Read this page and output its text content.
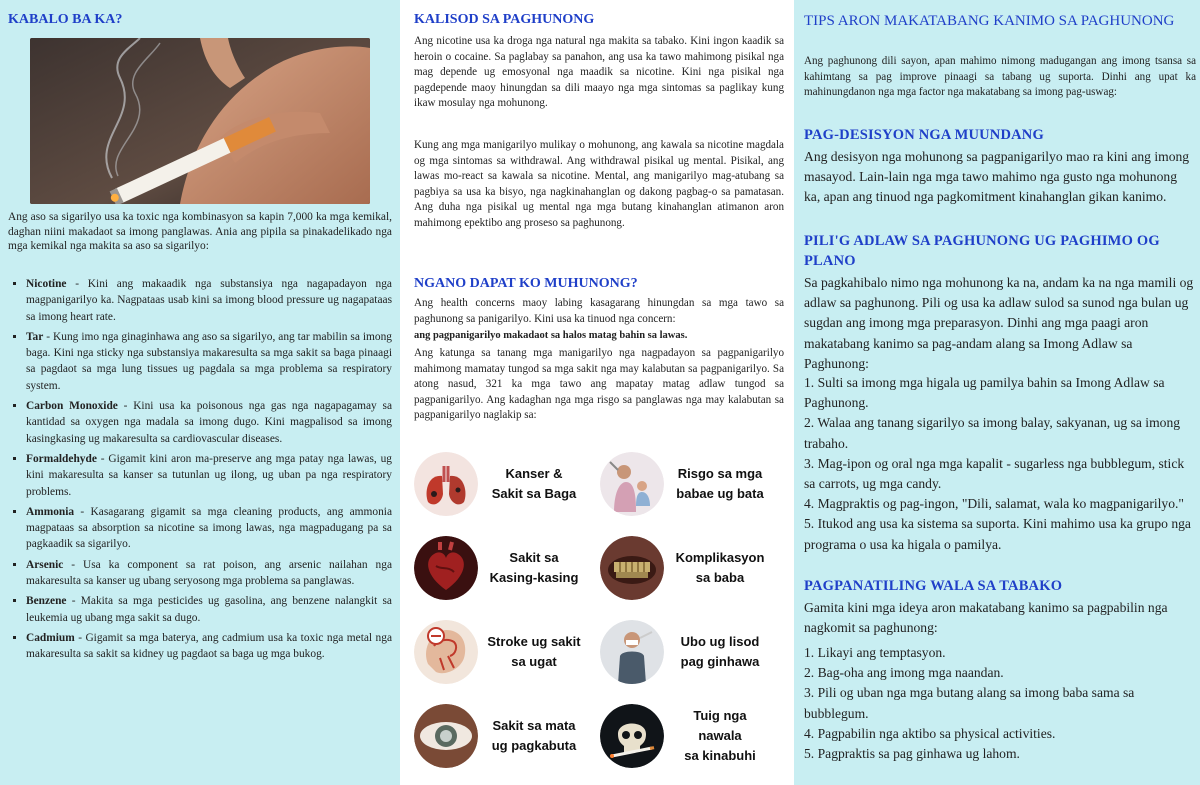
KABALO BA KA?

Ang aso sa sigarilyo usa ka toxic nga kombinasyon sa kapin 7,000 ka mga kemikal, daghan niini makadaot sa imong panglawas. Ania ang pipila sa pinakadelikado nga mga kemikal nga makita sa aso sa sigarilyo:

▪ Nicotine - Kini ang makaadik nga substansiya nga nagapadayon nga magpanigarilyo ka. Nagpataas usab kini sa imong blood pressure ug nagapataas sa imong heart rate.
▪ Tar - Kung imo nga ginaginhawa ang aso sa sigarilyo, ang tar mabilin sa imong baga. Kini nga sticky nga substansiya makaresulta sa mga sakit sa baga pinaagi sa pagdaot sa mga lung tissues ug pagdala sa mga problema sa respiratory system.
▪ Carbon Monoxide - Kini usa ka poisonous nga gas nga nagapagamay sa kantidad sa oxygen nga madala sa imong dugo. Kini magpalisod sa imong kasingkasing ug makaresulta sa cardiovascular diseases.
▪ Formaldehyde - Gigamit kini aron ma-preserve ang mga patay nga lawas, ug kini makaresulta sa kanser sa tutunlan ug ilong, ug uban pa nga respiratory problems.
▪ Ammonia - Kasagarang gigamit sa mga cleaning products, ang ammonia magpataas sa absorption sa nicotine sa imong lawas, nga magpadugang pa sa pagkaadik sa sigarilyo.
▪ Arsenic - Usa ka component sa rat poison, ang arsenic nailahan nga makaresulta sa kanser ug ubang seryosong mga problema sa panglawas.
▪ Benzene - Makita sa mga pesticides ug gasolina, ang benzene nalangkit sa leukemia ug ubang mga sakit sa dugo.
▪ Cadmium - Gigamit sa mga baterya, ang cadmium usa ka toxic nga metal nga makaresulta sa sakit sa kidney ug pagdaot sa baga ug mga bukog.
KALISOD SA PAGHUNONG

Ang nicotine usa ka droga nga natural nga makita sa tabako. Kini ingon kaadik sa heroin o cocaine. Sa paglabay sa panahon, ang usa ka tawo mahimong pisikal nga mag depende ug emosyonal nga maadik sa nicotine. Kini nga pisikal nga pagdepende maoy hinungdan sa dili maayo nga mga sintomas sa paglikay kung ikaw mosulay nga mohunong.

Kung ang mga manigarilyo mulikay o mohunong, ang kawala sa nicotine magdala og mga sintomas sa withdrawal. Ang withdrawal pisikal ug mental. Pisikal, ang lawas mo-react sa kawala sa nicotine. Mental, ang manigarilyo mag-atubang sa pagbiya sa usa ka bisyo, nga nagkinahanglan og dakong pagbag-o sa pamatasan. Ang duha nga pisikal ug mental nga mga butang kinahanglan atimanon aron mahimong epektibo ang proseso sa paghunong.

NGANO DAPAT KO MUHUNONG?

Ang health concerns maoy labing kasagarang hinungdan sa mga tawo sa paghunong sa panigarilyo. Kini usa ka tinuod nga concern:

ang pagpanigarilyo makadaot sa halos matag bahin sa lawas.

Ang katunga sa tanang mga manigarilyo nga nagpadayon sa pagpanigarilyo mahimong mamatay tungod sa mga sakit nga may kalabutan sa pagpanigarilyo. Sa atong nasud, 321 ka mga tawo ang mapatay matag adlaw tungod sa pagpanigarilyo. Ang kadaghan nga mga risgo sa panglawas nga may kalabutan sa pagpanigarilyo naglakip sa:

Kanser &
Sakit sa Baga
Risgo sa mga
babae ug bata
Sakit sa
Kasing-kasing
Komplikasyon
sa baba
Stroke ug sakit
sa ugat
Ubo ug lisod
pag ginhawa
Sakit sa mata
ug pagkabuta
Tuig nga nawala
sa kinabuhi
TIPS ARON MAKATABANG KANIMO SA PAGHUNONG

Ang paghunong dili sayon, apan mahimo nimong madugangan ang imong tsansa sa kahimtang sa pag improve pinaagi sa tabang ug suporta. Dinhi ang upat ka mahinungdanon nga mga factor nga makatabang sa imong pag-uswag:

PAG-DESISYON NGA MUUNDANG

Ang desisyon nga mohunong sa pagpanigarilyo mao ra kini ang imong masayod. Lain-lain nga mga tawo mahimo nga gusto nga mohunong ka, apan ang tinuod nga pagkomitment kinahanglan gikan kanimo.

PILI'G ADLAW SA PAGHUNONG UG PAGHIMO OG PLANO

Sa pagkahibalo nimo nga mohunong ka na, andam ka na nga mamili og adlaw sa paghunong. Pili og usa ka adlaw sulod sa sunod nga bulan ug sugdan ang imong mga preparasyon. Dinhi ang mga paagi aron makatabang kanimo sa pag-andam alang sa Imong Adlaw sa Paghunong:

1. Sulti sa imong mga higala ug pamilya bahin sa Imong Adlaw sa Paghunong.
2. Walaa ang tanang sigarilyo sa imong balay, sakyanan, ug sa imong trabaho.
3. Mag-ipon og oral nga mga kapalit - sugarless nga bubblegum, stick sa carrots, ug mga candy.
4. Magpraktis og pag-ingon, "Dili, salamat, wala ko magpanigarilyo."
5. Itukod ang usa ka sistema sa suporta. Kini mahimo usa ka grupo nga programa o usa ka higala o pamilya.
PAGPANATILING WALA SA TABAKO

Gamita kini mga ideya aron makatabang kanimo sa pagpabilin nga nagkomit sa paghunong:

1. Likayi ang temptasyon.
2. Bag-oha ang imong mga naandan.
3. Pili og uban nga mga butang alang sa imong baba sama sa bubblegum.
4. Pagpabilin nga aktibo sa physical activities.
5. Pagpraktis sa pag ginhawa ug lahom.
